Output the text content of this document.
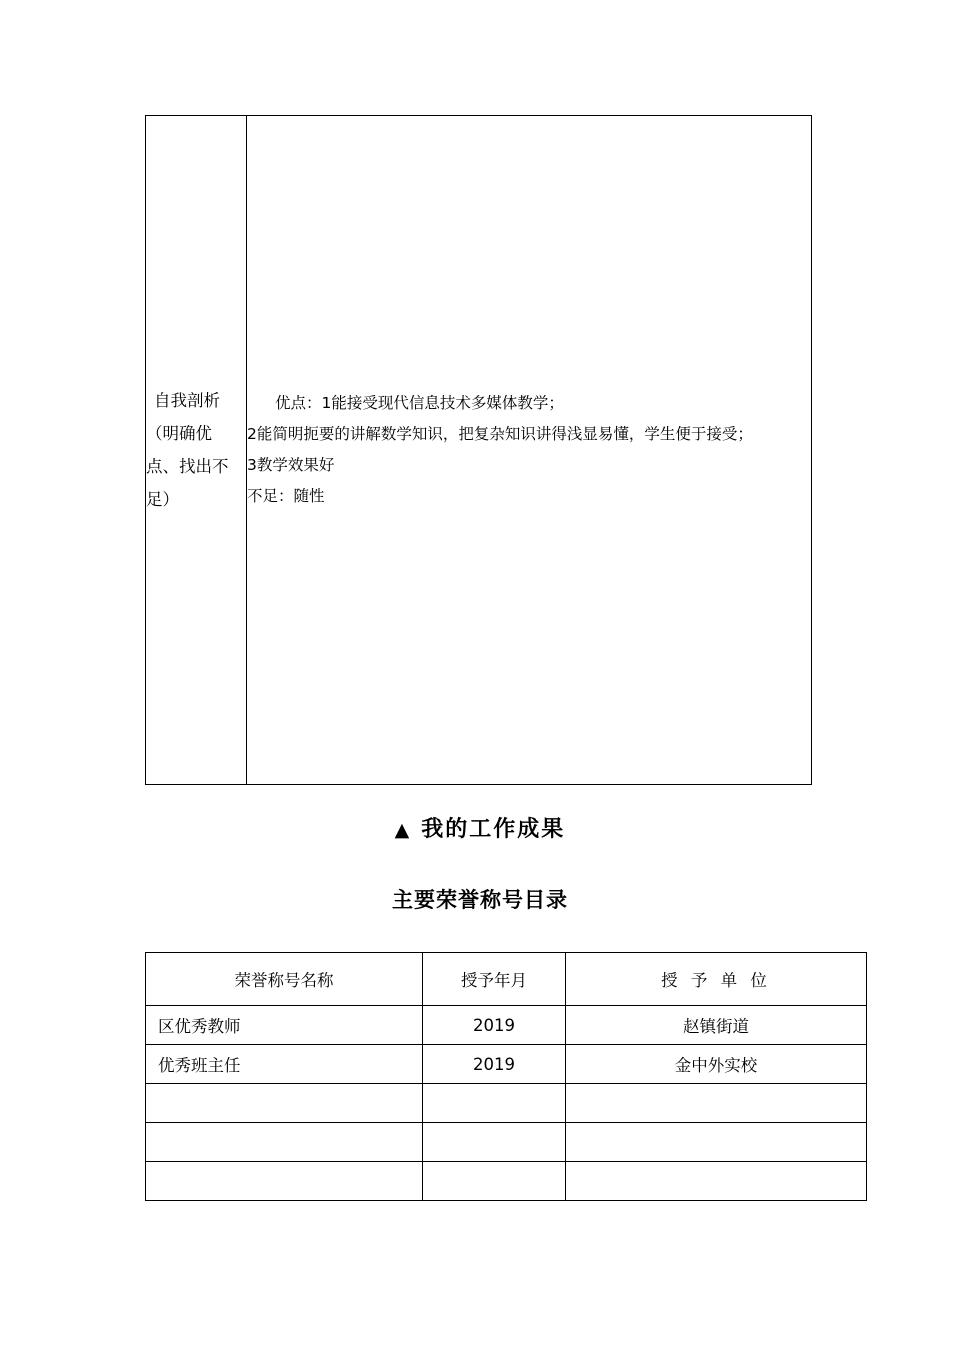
自我剖析
（明确优
点、找出不
足）

优点：1能接受现代信息技术多媒体教学；

2能简明扼要的讲解数学知识，把复杂知识讲得浅显易懂，学生便于接受；

3教学效果好

不足：随性

▲ 我的工作成果
主要荣誉称号目录
荣誉称号名称	授予年月	授 予 单 位
区优秀教师	2019	赵镇街道
优秀班主任	2019	金中外实校
